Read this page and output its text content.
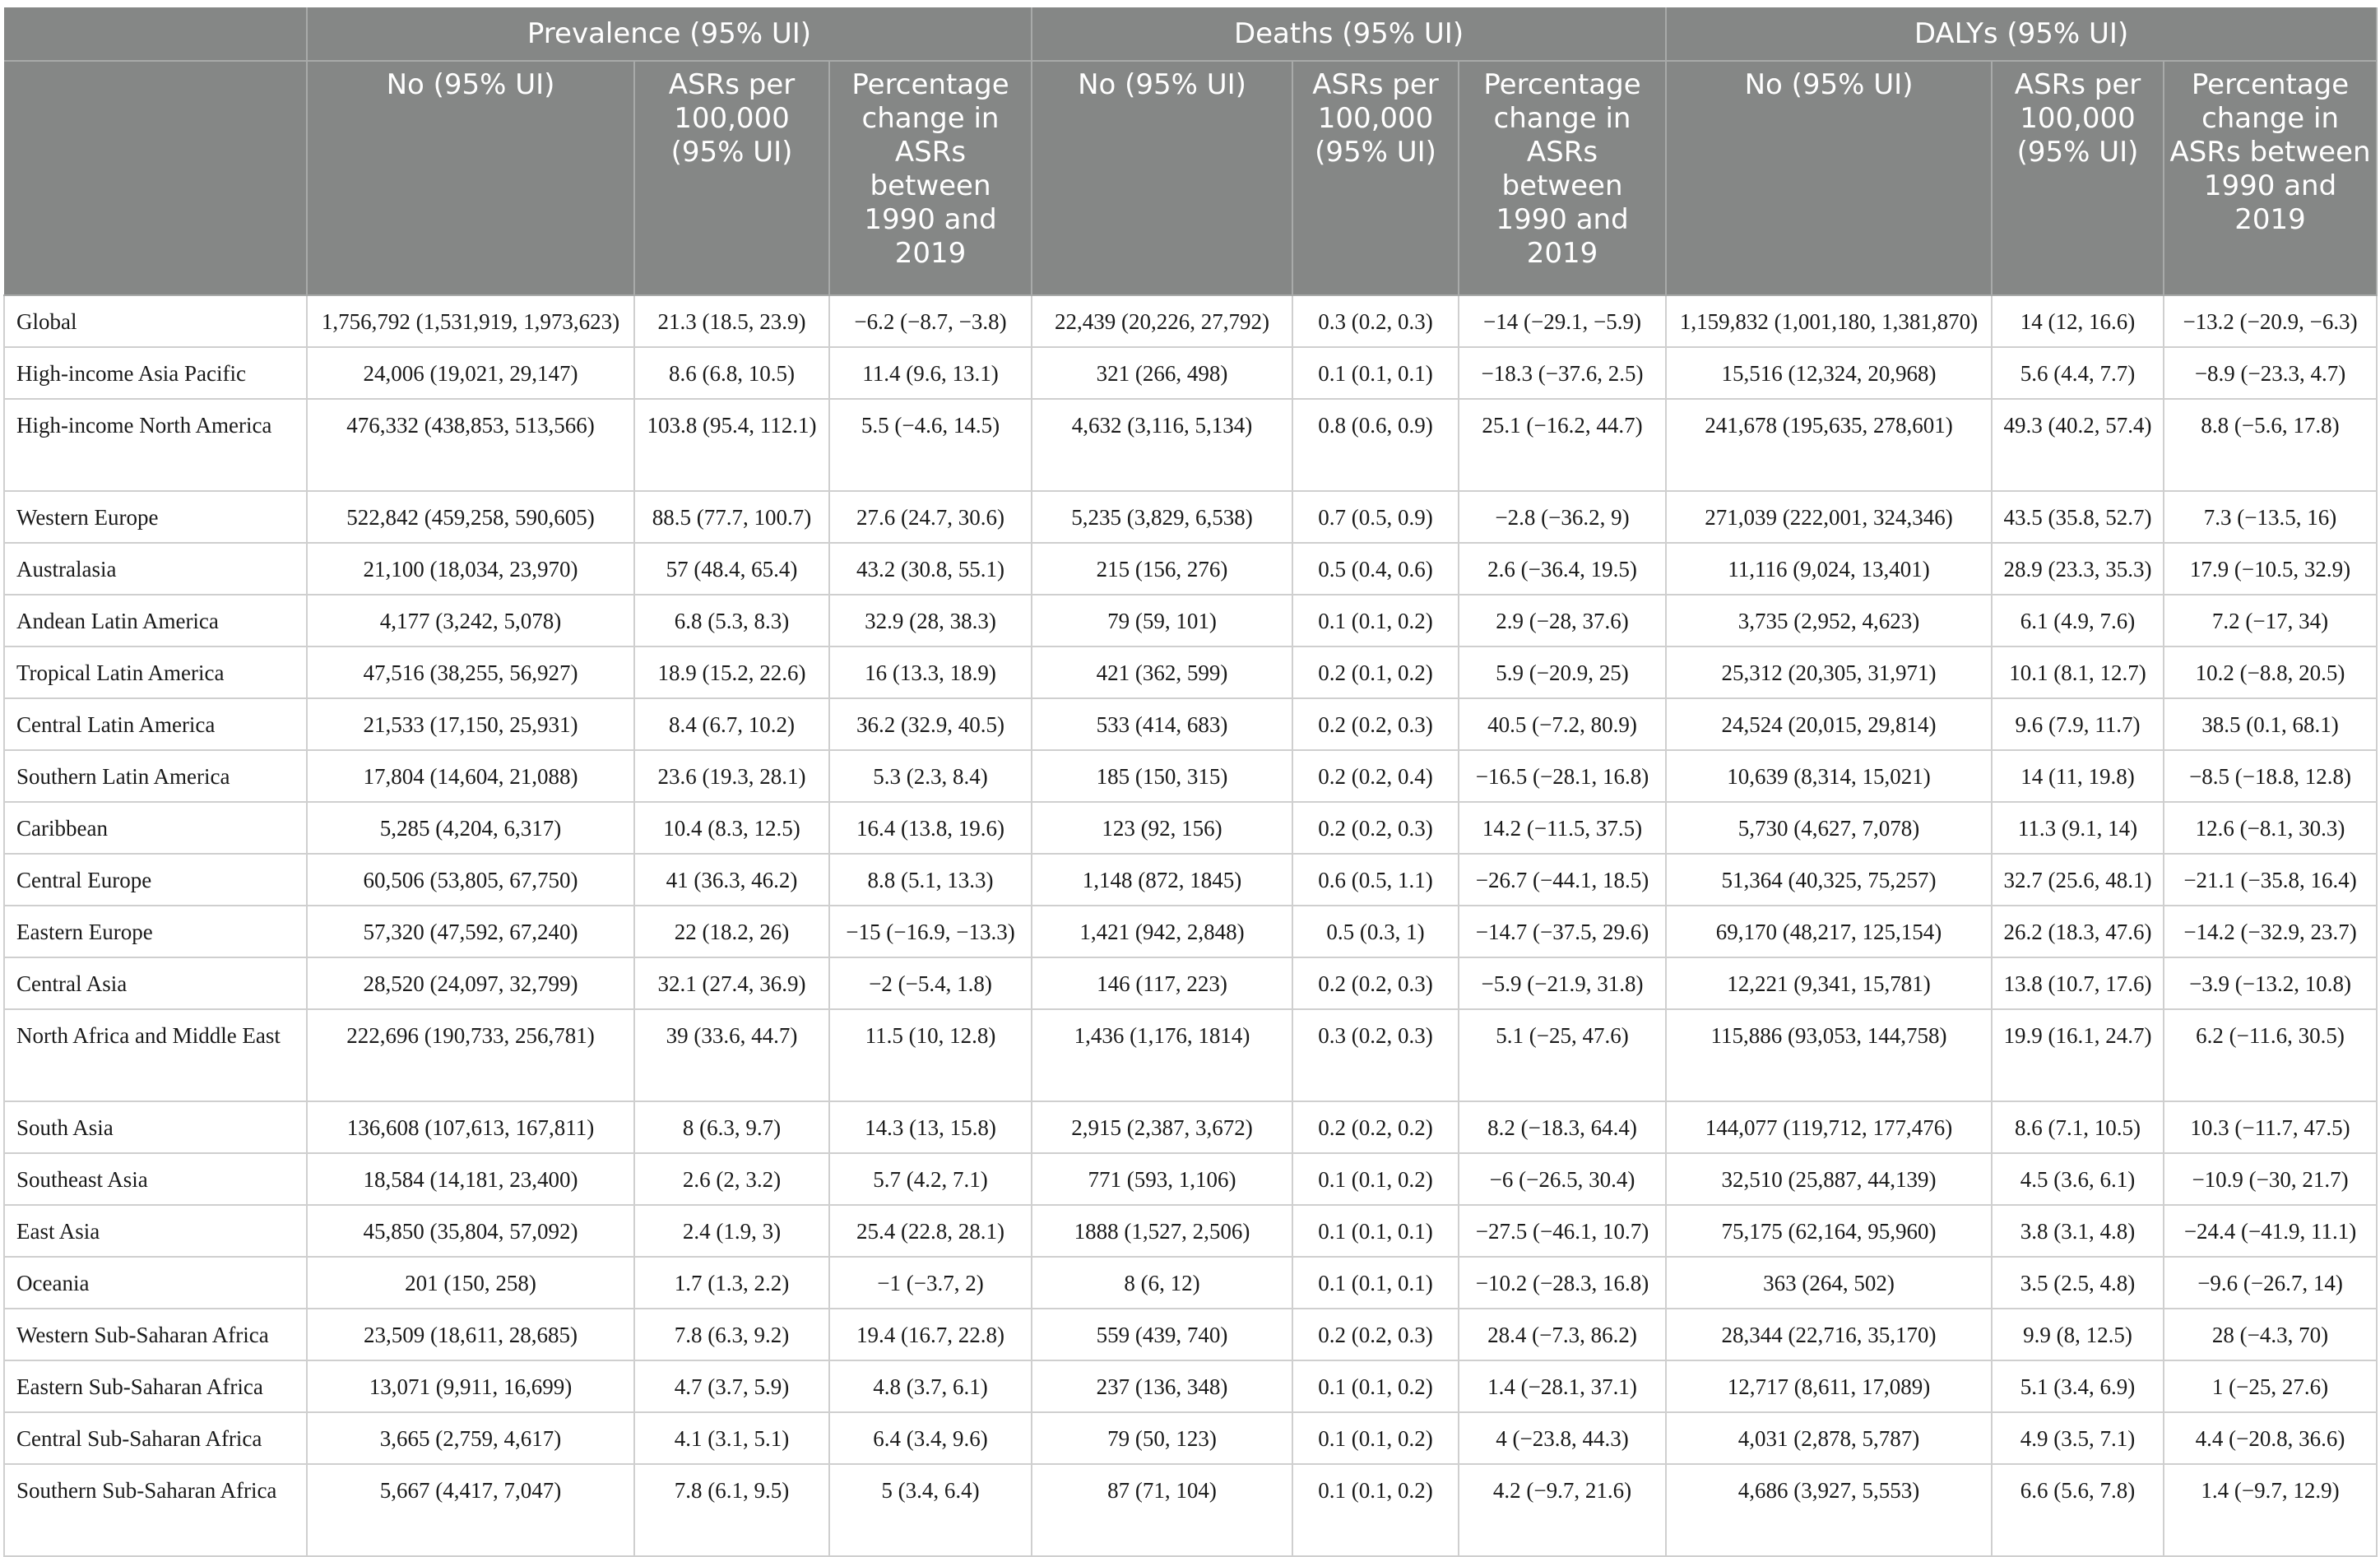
	Prevalence (95% UI)			Deaths (95% UI)			DALYs (95% UI)		
	No (95% UI)	ASRs per 100,000 (95% UI)	Percentage change in ASRs between 1990 and 2019	No (95% UI)	ASRs per 100,000 (95% UI)	Percentage change in ASRs between 1990 and 2019	No (95% UI)	ASRs per 100,000 (95% UI)	Percentage change in ASRs between 1990 and 2019
Global	1,756,792 (1,531,919, 1,973,623)	21.3 (18.5, 23.9)	−6.2 (−8.7, −3.8)	22,439 (20,226, 27,792)	0.3 (0.2, 0.3)	−14 (−29.1, −5.9)	1,159,832 (1,001,180, 1,381,870)	14 (12, 16.6)	−13.2 (−20.9, −6.3)
High-income Asia Pacific	24,006 (19,021, 29,147)	8.6 (6.8, 10.5)	11.4 (9.6, 13.1)	321 (266, 498)	0.1 (0.1, 0.1)	−18.3 (−37.6, 2.5)	15,516 (12,324, 20,968)	5.6 (4.4, 7.7)	−8.9 (−23.3, 4.7)
High-income North America	476,332 (438,853, 513,566)	103.8 (95.4, 112.1)	5.5 (−4.6, 14.5)	4,632 (3,116, 5,134)	0.8 (0.6, 0.9)	25.1 (−16.2, 44.7)	241,678 (195,635, 278,601)	49.3 (40.2, 57.4)	8.8 (−5.6, 17.8)
Western Europe	522,842 (459,258, 590,605)	88.5 (77.7, 100.7)	27.6 (24.7, 30.6)	5,235 (3,829, 6,538)	0.7 (0.5, 0.9)	−2.8 (−36.2, 9)	271,039 (222,001, 324,346)	43.5 (35.8, 52.7)	7.3 (−13.5, 16)
Australasia	21,100 (18,034, 23,970)	57 (48.4, 65.4)	43.2 (30.8, 55.1)	215 (156, 276)	0.5 (0.4, 0.6)	2.6 (−36.4, 19.5)	11,116 (9,024, 13,401)	28.9 (23.3, 35.3)	17.9 (−10.5, 32.9)
Andean Latin America	4,177 (3,242, 5,078)	6.8 (5.3, 8.3)	32.9 (28, 38.3)	79 (59, 101)	0.1 (0.1, 0.2)	2.9 (−28, 37.6)	3,735 (2,952, 4,623)	6.1 (4.9, 7.6)	7.2 (−17, 34)
Tropical Latin America	47,516 (38,255, 56,927)	18.9 (15.2, 22.6)	16 (13.3, 18.9)	421 (362, 599)	0.2 (0.1, 0.2)	5.9 (−20.9, 25)	25,312 (20,305, 31,971)	10.1 (8.1, 12.7)	10.2 (−8.8, 20.5)
Central Latin America	21,533 (17,150, 25,931)	8.4 (6.7, 10.2)	36.2 (32.9, 40.5)	533 (414, 683)	0.2 (0.2, 0.3)	40.5 (−7.2, 80.9)	24,524 (20,015, 29,814)	9.6 (7.9, 11.7)	38.5 (0.1, 68.1)
Southern Latin America	17,804 (14,604, 21,088)	23.6 (19.3, 28.1)	5.3 (2.3, 8.4)	185 (150, 315)	0.2 (0.2, 0.4)	−16.5 (−28.1, 16.8)	10,639 (8,314, 15,021)	14 (11, 19.8)	−8.5 (−18.8, 12.8)
Caribbean	5,285 (4,204, 6,317)	10.4 (8.3, 12.5)	16.4 (13.8, 19.6)	123 (92, 156)	0.2 (0.2, 0.3)	14.2 (−11.5, 37.5)	5,730 (4,627, 7,078)	11.3 (9.1, 14)	12.6 (−8.1, 30.3)
Central Europe	60,506 (53,805, 67,750)	41 (36.3, 46.2)	8.8 (5.1, 13.3)	1,148 (872, 1845)	0.6 (0.5, 1.1)	−26.7 (−44.1, 18.5)	51,364 (40,325, 75,257)	32.7 (25.6, 48.1)	−21.1 (−35.8, 16.4)
Eastern Europe	57,320 (47,592, 67,240)	22 (18.2, 26)	−15 (−16.9, −13.3)	1,421 (942, 2,848)	0.5 (0.3, 1)	−14.7 (−37.5, 29.6)	69,170 (48,217, 125,154)	26.2 (18.3, 47.6)	−14.2 (−32.9, 23.7)
Central Asia	28,520 (24,097, 32,799)	32.1 (27.4, 36.9)	−2 (−5.4, 1.8)	146 (117, 223)	0.2 (0.2, 0.3)	−5.9 (−21.9, 31.8)	12,221 (9,341, 15,781)	13.8 (10.7, 17.6)	−3.9 (−13.2, 10.8)
North Africa and Middle East	222,696 (190,733, 256,781)	39 (33.6, 44.7)	11.5 (10, 12.8)	1,436 (1,176, 1814)	0.3 (0.2, 0.3)	5.1 (−25, 47.6)	115,886 (93,053, 144,758)	19.9 (16.1, 24.7)	6.2 (−11.6, 30.5)
South Asia	136,608 (107,613, 167,811)	8 (6.3, 9.7)	14.3 (13, 15.8)	2,915 (2,387, 3,672)	0.2 (0.2, 0.2)	8.2 (−18.3, 64.4)	144,077 (119,712, 177,476)	8.6 (7.1, 10.5)	10.3 (−11.7, 47.5)
Southeast Asia	18,584 (14,181, 23,400)	2.6 (2, 3.2)	5.7 (4.2, 7.1)	771 (593, 1,106)	0.1 (0.1, 0.2)	−6 (−26.5, 30.4)	32,510 (25,887, 44,139)	4.5 (3.6, 6.1)	−10.9 (−30, 21.7)
East Asia	45,850 (35,804, 57,092)	2.4 (1.9, 3)	25.4 (22.8, 28.1)	1888 (1,527, 2,506)	0.1 (0.1, 0.1)	−27.5 (−46.1, 10.7)	75,175 (62,164, 95,960)	3.8 (3.1, 4.8)	−24.4 (−41.9, 11.1)
Oceania	201 (150, 258)	1.7 (1.3, 2.2)	−1 (−3.7, 2)	8 (6, 12)	0.1 (0.1, 0.1)	−10.2 (−28.3, 16.8)	363 (264, 502)	3.5 (2.5, 4.8)	−9.6 (−26.7, 14)
Western Sub-Saharan Africa	23,509 (18,611, 28,685)	7.8 (6.3, 9.2)	19.4 (16.7, 22.8)	559 (439, 740)	0.2 (0.2, 0.3)	28.4 (−7.3, 86.2)	28,344 (22,716, 35,170)	9.9 (8, 12.5)	28 (−4.3, 70)
Eastern Sub-Saharan Africa	13,071 (9,911, 16,699)	4.7 (3.7, 5.9)	4.8 (3.7, 6.1)	237 (136, 348)	0.1 (0.1, 0.2)	1.4 (−28.1, 37.1)	12,717 (8,611, 17,089)	5.1 (3.4, 6.9)	1 (−25, 27.6)
Central Sub-Saharan Africa	3,665 (2,759, 4,617)	4.1 (3.1, 5.1)	6.4 (3.4, 9.6)	79 (50, 123)	0.1 (0.1, 0.2)	4 (−23.8, 44.3)	4,031 (2,878, 5,787)	4.9 (3.5, 7.1)	4.4 (−20.8, 36.6)
Southern Sub-Saharan Africa	5,667 (4,417, 7,047)	7.8 (6.1, 9.5)	5 (3.4, 6.4)	87 (71, 104)	0.1 (0.1, 0.2)	4.2 (−9.7, 21.6)	4,686 (3,927, 5,553)	6.6 (5.6, 7.8)	1.4 (−9.7, 12.9)
